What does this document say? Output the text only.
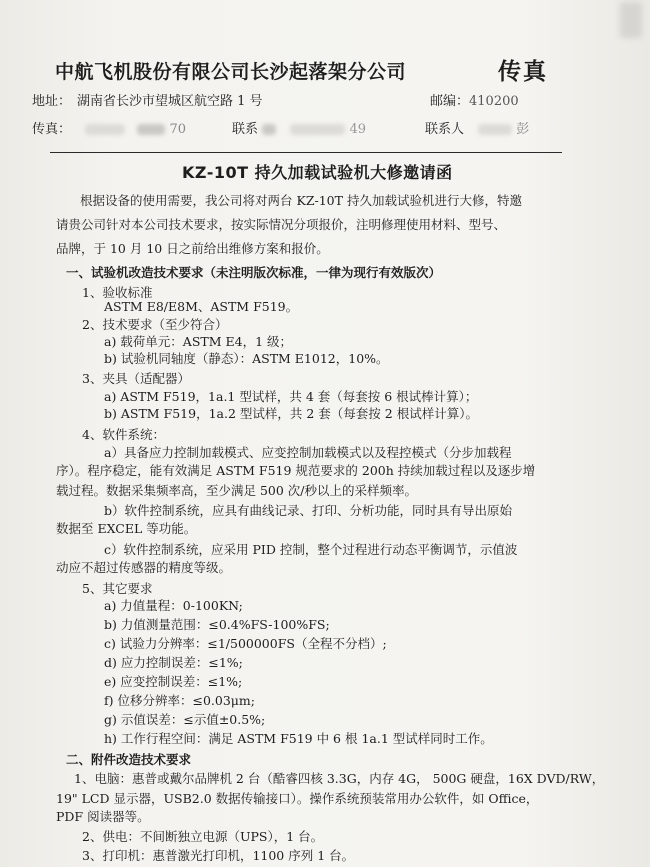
中航飞机股份有限公司长沙起落架分公司	传真
地址： 湖南省长沙市望城区航空路 1 号	邮编：410200
传真：	70	联系	49	联系人	彭
KZ-10T 持久加载试验机大修邀请函
根据设备的使用需要，我公司将对两台 KZ-10T 持久加载试验机进行大修，特邀
请贵公司针对本公司技术要求，按实际情况分项报价，注明修理使用材料、型号、
品牌，于 10 月 10 日之前给出维修方案和报价。
一、试验机改造技术要求（未注明版次标准，一律为现行有效版次）
1、验收标准
ASTM E8/E8M、ASTM F519。
2、技术要求（至少符合）
a) 载荷单元：ASTM E4，1 级；
b) 试验机同轴度（静态）：ASTM E1012，10%。
3、夹具（适配器）
a) ASTM F519，1a.1 型试样，共 4 套（每套按 6 根试棒计算）；
b) ASTM F519，1a.2 型试样，共 2 套（每套按 2 根试样计算）。
4、软件系统：
a）具备应力控制加载模式、应变控制加载模式以及程控模式（分步加载程
序）。程序稳定，能有效满足 ASTM F519 规范要求的 200h 持续加载过程以及逐步增
载过程。数据采集频率高，至少满足 500 次/秒以上的采样频率。
b）软件控制系统，应具有曲线记录、打印、分析功能，同时具有导出原始
数据至 EXCEL 等功能。
c）软件控制系统，应采用 PID 控制，整个过程进行动态平衡调节，示值波
动应不超过传感器的精度等级。
5、其它要求
a) 力值量程：0-100KN;
b) 力值测量范围：≤0.4%FS-100%FS;
c) 试验力分辨率：≤1/500000FS（全程不分档）;
d) 应力控制误差：≤1%;
e) 应变控制误差：≤1%;
f) 位移分辨率：≤0.03μm;
g) 示值误差：≤示值±0.5%;
h) 工作行程空间：满足 ASTM F519 中 6 根 1a.1 型试样同时工作。
二、附件改造技术要求
1、电脑：惠普或戴尔品牌机 2 台（酷睿四核 3.3G，内存 4G， 500G 硬盘，16X DVD/RW，
19" LCD 显示器，USB2.0 数据传输接口）。操作系统预装常用办公软件，如 Office，
PDF 阅读器等。
2、供电：不间断独立电源（UPS），1 台。
3、打印机：惠普激光打印机，1100 序列 1 台。
